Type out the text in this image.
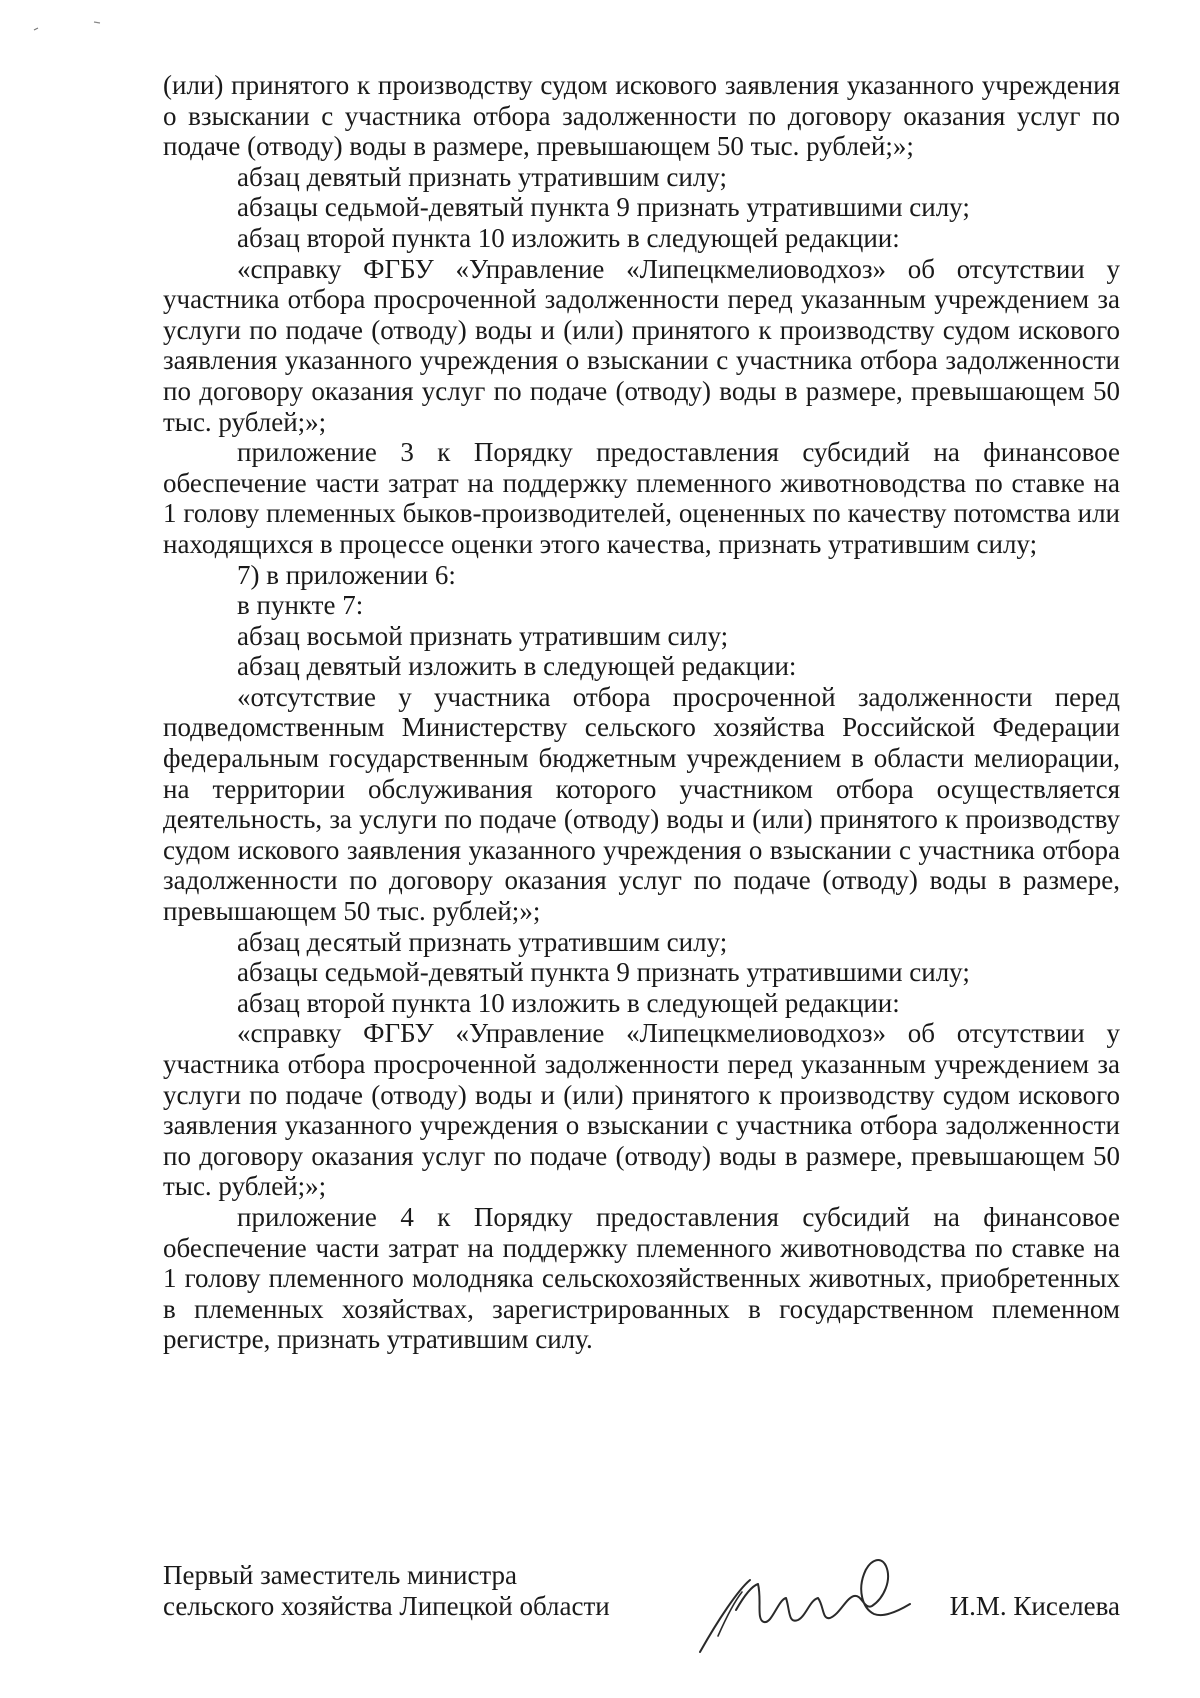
(или) принятого к производству судом искового заявления указанного учреждения о взыскании с участника отбора задолженности по договору оказания услуг по подаче (отводу) воды в размере, превышающем 50 тыс. рублей;»;

абзац девятый признать утратившим силу;

абзацы седьмой-девятый пункта 9 признать утратившими силу;

абзац второй пункта 10 изложить в следующей редакции:

«справку ФГБУ «Управление «Липецкмелиоводхоз» об отсутствии у участника отбора просроченной задолженности перед указанным учреждением за услуги по подаче (отводу) воды и (или) принятого к производству судом искового заявления указанного учреждения о взыскании с участника отбора задолженности по договору оказания услуг по подаче (отводу) воды в размере, превышающем 50 тыс. рублей;»;

приложение 3 к Порядку предоставления субсидий на финансовое обеспечение части затрат на поддержку племенного животноводства по ставке на 1 голову племенных быков-производителей, оцененных по качеству потомства или находящихся в процессе оценки этого качества, признать утратившим силу;

7) в приложении 6:

в пункте 7:

абзац восьмой признать утратившим силу;

абзац девятый изложить в следующей редакции:

«отсутствие у участника отбора просроченной задолженности перед подведомственным Министерству сельского хозяйства Российской Федерации федеральным государственным бюджетным учреждением в области мелиорации, на территории обслуживания которого участником отбора осуществляется деятельность, за услуги по подаче (отводу) воды и (или) принятого к производству судом искового заявления указанного учреждения о взыскании с участника отбора задолженности по договору оказания услуг по подаче (отводу) воды в размере, превышающем 50 тыс. рублей;»;

абзац десятый признать утратившим силу;

абзацы седьмой-девятый пункта 9 признать утратившими силу;

абзац второй пункта 10 изложить в следующей редакции:

«справку ФГБУ «Управление «Липецкмелиоводхоз» об отсутствии у участника отбора просроченной задолженности перед указанным учреждением за услуги по подаче (отводу) воды и (или) принятого к производству судом искового заявления указанного учреждения о взыскании с участника отбора задолженности по договору оказания услуг по подаче (отводу) воды в размере, превышающем 50 тыс. рублей;»;

приложение 4 к Порядку предоставления субсидий на финансовое обеспечение части затрат на поддержку племенного животноводства по ставке на 1 голову племенного молодняка сельскохозяйственных животных, приобретенных в племенных хозяйствах, зарегистрированных в государственном племенном регистре, признать утратившим силу.

Первый заместитель министра
сельского хозяйства Липецкой области	И.М. Киселева
